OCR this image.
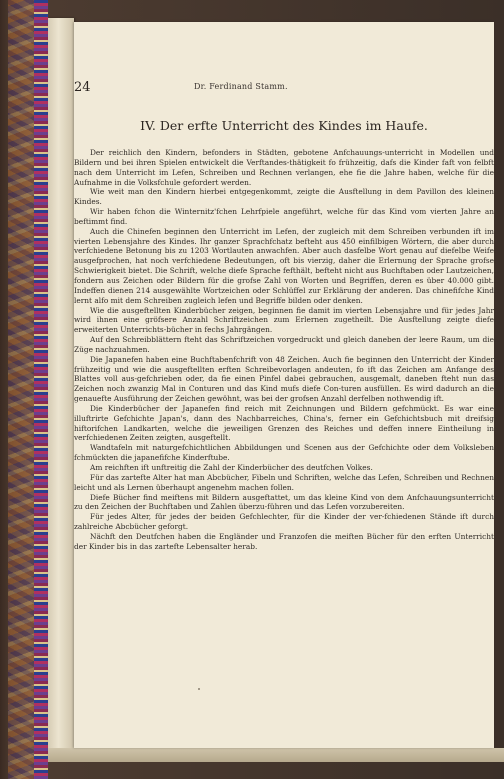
24	Dr. Ferdinand Stamm.
IV. Der erfte Unterricht des Kindes im Haufe.

Der reichlich den Kindern, befonders in Städten, gebotene Anfchauungs-unterricht in Modellen und Bildern und bei ihren Spielen entwickelt die Verftandes-thätigkeit fo frühzeitig, dafs die Kinder faft von felbft nach dem Unterricht im Lefen, Schreiben und Rechnen verlangen, ehe fie die Jahre haben, welche für die Aufnahme in die Volksfchule gefordert werden.

Wie weit man den Kindern hierbei entgegenkommt, zeigte die Ausftellung in dem Pavillon des kleinen Kindes.

Wir haben fchon die Winternitz'fchen Lehrfpiele angeführt, welche für das Kind vom vierten Jahre an beftimmt find.

Auch die Chinefen beginnen den Unterricht im Lefen, der zugleich mit dem Schreiben verbunden ift im vierten Lebensjahre des Kindes. Ihr ganzer Sprachfchatz befteht aus 450 einfilbigen Wörtern, die aber durch verfchiedene Betonung bis zu 1203 Wortlauten anwachfen. Aber auch dasfelbe Wort genau auf diefelbe Weife ausgefprochen, hat noch verfchiedene Bedeutungen, oft bis vierzig, daher die Erlernung der Sprache grofse Schwierigkeit bietet. Die Schrift, welche diefe Sprache fefthält, befteht nicht aus Buchftaben oder Lautzeichen, fondern aus Zeichen oder Bildern für die grofse Zahl von Worten und Begriffen, deren es über 40.000 gibt. Indeffen dienen 214 ausgewählte Wortzeichen oder Schlüffel zur Erklärung der anderen. Das chinefifche Kind lernt alfo mit dem Schreiben zugleich lefen und Begriffe bilden oder denken.

Wie die ausgeftellten Kinderbücher zeigen, beginnen fie damit im vierten Lebensjahre und für jedes Jahr wird ihnen eine gröfsere Anzahl Schriftzeichen zum Erlernen zugetheilt. Die Ausftellung zeigte diefe erweiterten Unterrichts-bücher in fechs Jahrgängen.

Auf den Schreibblättern fteht das Schriftzeichen vorgedruckt und gleich daneben der leere Raum, um die Züge nachzuahmen.

Die Japanefen haben eine Buchftabenfchrift von 48 Zeichen. Auch fie beginnen den Unterricht der Kinder frühzeitig und wie die ausgeftellten erften Schreibevorlagen andeuten, fo ift das Zeichen am Anfange des Blattes voll aus-gefchrieben oder, da fie einen Pinfel dabei gebrauchen, ausgemalt, daneben fteht nun das Zeichen noch zwanzig Mal in Conturen und das Kind mufs diefe Con-turen ausfüllen. Es wird dadurch an die genauefte Ausführung der Zeichen gewöhnt, was bei der grofsen Anzahl derfelben nothwendig ift.

Die Kinderbücher der Japanefen find reich mit Zeichnungen und Bildern gefchmückt. Es war eine illuftrirte Gefchichte Japan's, dann des Nachbarreiches, China's, ferner ein Gefchichtsbuch mit dreifsig hiftorifchen Landkarten, welche die jeweiligen Grenzen des Reiches und deffen innere Eintheilung in verfchiedenen Zeiten zeigten, ausgeftellt.

Wandtafeln mit naturgefchichtlichen Abbildungen und Scenen aus der Gefchichte oder dem Volksleben fchmückten die japanefifche Kinderftube.

Am reichften ift unftreitig die Zahl der Kinderbücher des deutfchen Volkes.

Für das zartefte Alter hat man Abcbücher, Fibeln und Schriften, welche das Lefen, Schreiben und Rechnen leicht und als Lernen überhaupt angenehm machen follen.

Diefe Bücher find meiftens mit Bildern ausgeftattet, um das kleine Kind von dem Anfchauungsunterricht zu den Zeichen der Buchftaben und Zahlen überzu-führen und das Lefen vorzubereiten.

Für jedes Alter, für jedes der beiden Gefchlechter, für die Kinder der ver-fchiedenen Stände ift durch zahlreiche Abcbücher geforgt.

Nächft den Deutfchen haben die Engländer und Franzofen die meiften Bücher für den erften Unterricht der Kinder bis in das zartefte Lebensalter herab.
